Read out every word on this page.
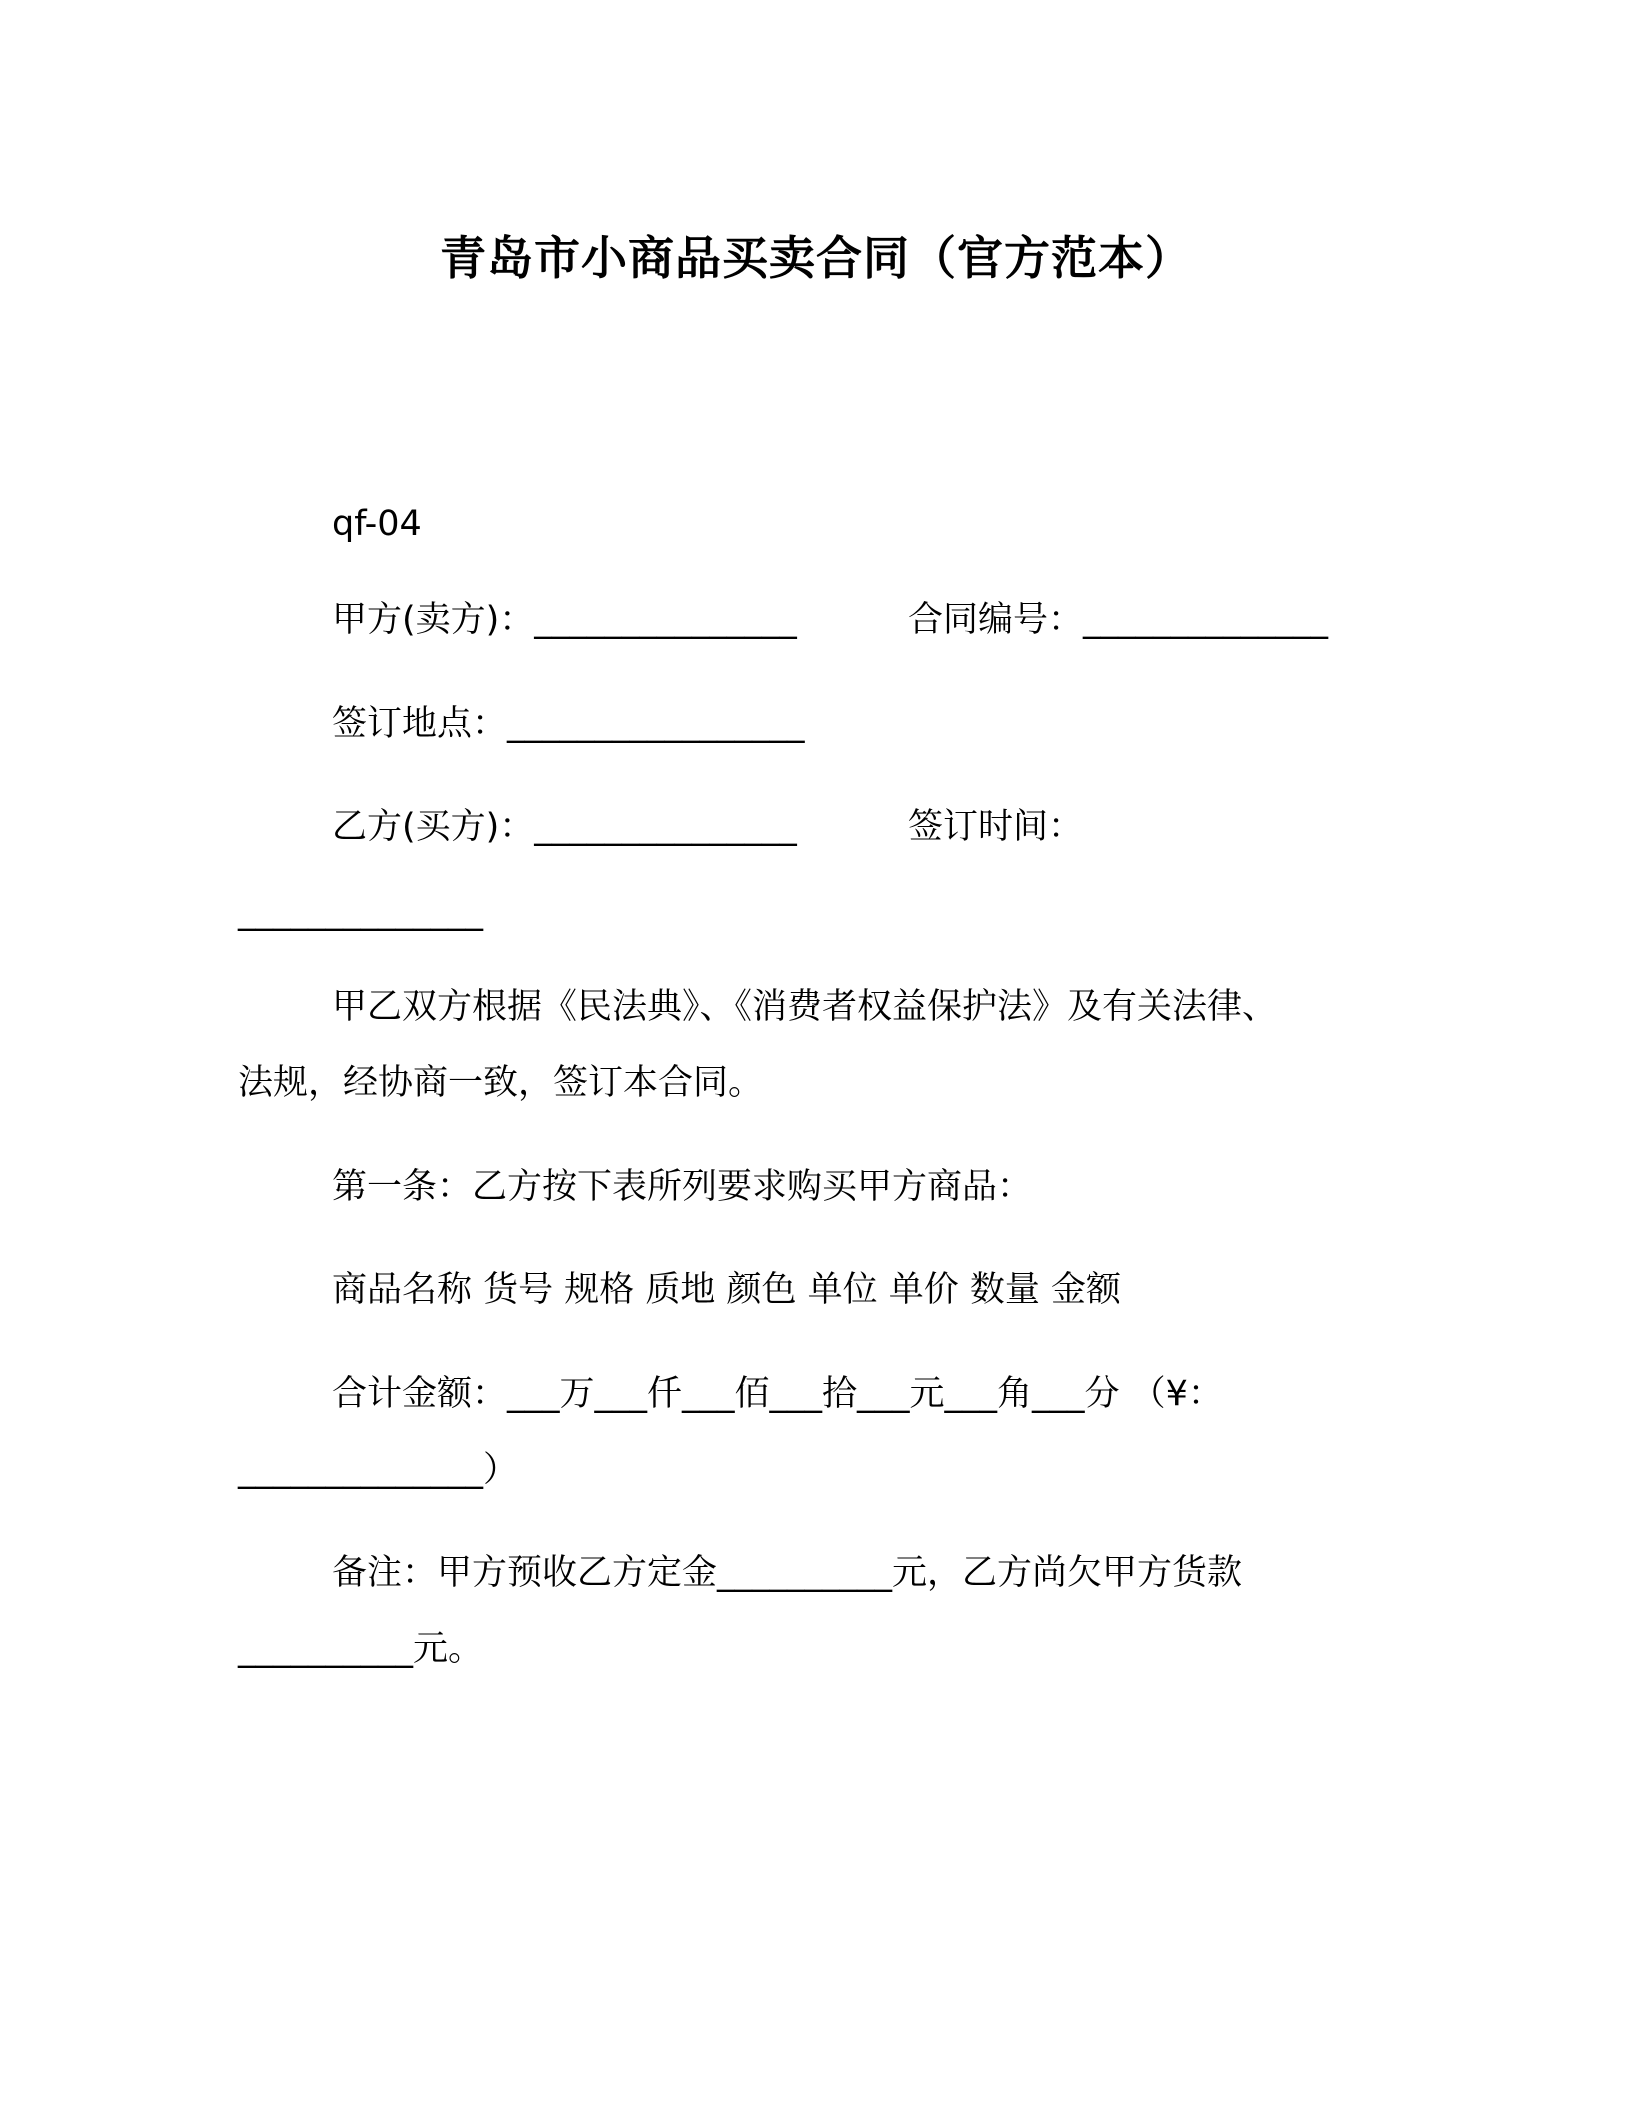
青岛市小商品买卖合同（官方范本）
qf-04
甲方(卖方)：_______________	合同编号：______________
签订地点：_________________
乙方(买方)：_______________	签订时间：
______________
甲乙双方根据《民法典》、《消费者权益保护法》及有关法律、
法规，经协商一致，签订本合同。
第一条：乙方按下表所列要求购买甲方商品：
商品名称 货号 规格 质地 颜色 单位 单价 数量 金额
合计金额：___万___仟___佰___拾___元___角___分 （¥：
______________）
备注：甲方预收乙方定金__________元，乙方尚欠甲方货款
__________元。
